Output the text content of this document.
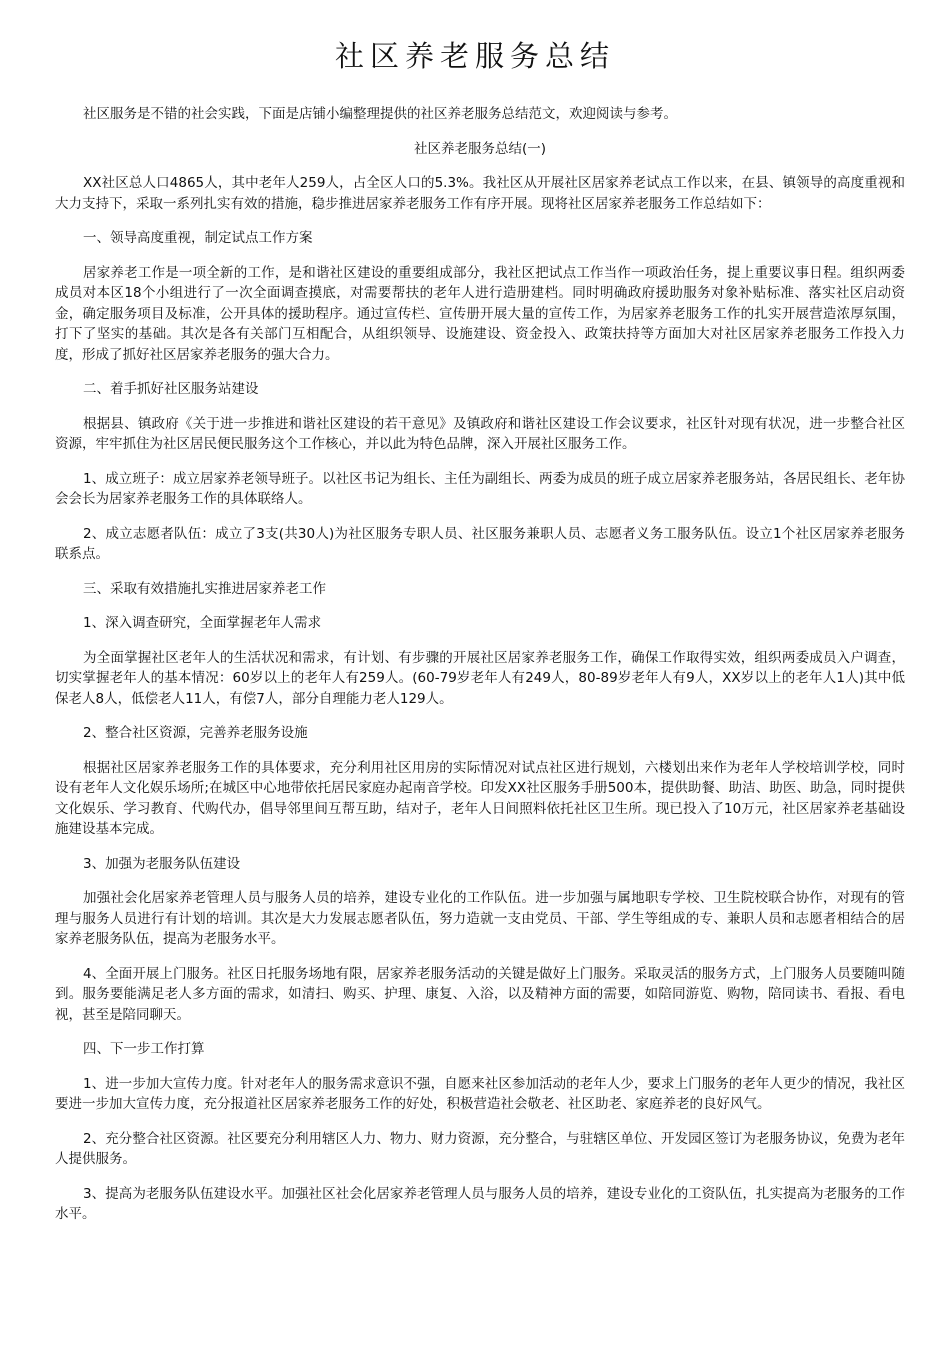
社区养老服务总结

社区服务是不错的社会实践，下面是店铺小编整理提供的社区养老服务总结范文，欢迎阅读与参考。

社区养老服务总结(一)

XX社区总人口4865人，其中老年人259人，占全区人口的5.3%。我社区从开展社区居家养老试点工作以来，在县、镇领导的高度重视和大力支持下，采取一系列扎实有效的措施，稳步推进居家养老服务工作有序开展。现将社区居家养老服务工作总结如下：

一、领导高度重视，制定试点工作方案

居家养老工作是一项全新的工作，是和谐社区建设的重要组成部分，我社区把试点工作当作一项政治任务，提上重要议事日程。组织两委成员对本区18个小组进行了一次全面调查摸底，对需要帮扶的老年人进行造册建档。同时明确政府援助服务对象补贴标准、落实社区启动资金，确定服务项目及标准，公开具体的援助程序。通过宣传栏、宣传册开展大量的宣传工作，为居家养老服务工作的扎实开展营造浓厚氛围，打下了坚实的基础。其次是各有关部门互相配合，从组织领导、设施建设、资金投入、政策扶持等方面加大对社区居家养老服务工作投入力度，形成了抓好社区居家养老服务的强大合力。

二、着手抓好社区服务站建设

根据县、镇政府《关于进一步推进和谐社区建设的若干意见》及镇政府和谐社区建设工作会议要求，社区针对现有状况，进一步整合社区资源，牢牢抓住为社区居民便民服务这个工作核心，并以此为特色品牌，深入开展社区服务工作。

1、成立班子：成立居家养老领导班子。以社区书记为组长、主任为副组长、两委为成员的班子成立居家养老服务站，各居民组长、老年协会会长为居家养老服务工作的具体联络人。

2、成立志愿者队伍：成立了3支(共30人)为社区服务专职人员、社区服务兼职人员、志愿者义务工服务队伍。设立1个社区居家养老服务联系点。

三、采取有效措施扎实推进居家养老工作

1、深入调查研究，全面掌握老年人需求

为全面掌握社区老年人的生活状况和需求，有计划、有步骤的开展社区居家养老服务工作，确保工作取得实效，组织两委成员入户调查，切实掌握老年人的基本情况：60岁以上的老年人有259人。(60-79岁老年人有249人，80-89岁老年人有9人，XX岁以上的老年人1人)其中低保老人8人，低偿老人11人，有偿7人，部分自理能力老人129人。

2、整合社区资源，完善养老服务设施

根据社区居家养老服务工作的具体要求，充分利用社区用房的实际情况对试点社区进行规划，六楼划出来作为老年人学校培训学校，同时设有老年人文化娱乐场所;在城区中心地带依托居民家庭办起南音学校。印发XX社区服务手册500本，提供助餐、助洁、助医、助急，同时提供文化娱乐、学习教育、代购代办，倡导邻里间互帮互助，结对子，老年人日间照料依托社区卫生所。现已投入了10万元，社区居家养老基础设施建设基本完成。

3、加强为老服务队伍建设

加强社会化居家养老管理人员与服务人员的培养，建设专业化的工作队伍。进一步加强与属地职专学校、卫生院校联合协作，对现有的管理与服务人员进行有计划的培训。其次是大力发展志愿者队伍，努力造就一支由党员、干部、学生等组成的专、兼职人员和志愿者相结合的居家养老服务队伍，提高为老服务水平。

4、全面开展上门服务。社区日托服务场地有限，居家养老服务活动的关键是做好上门服务。采取灵活的服务方式，上门服务人员要随叫随到。服务要能满足老人多方面的需求，如清扫、购买、护理、康复、入浴，以及精神方面的需要，如陪同游览、购物，陪同读书、看报、看电视，甚至是陪同聊天。

四、下一步工作打算

1、进一步加大宣传力度。针对老年人的服务需求意识不强，自愿来社区参加活动的老年人少，要求上门服务的老年人更少的情况，我社区要进一步加大宣传力度，充分报道社区居家养老服务工作的好处，积极营造社会敬老、社区助老、家庭养老的良好风气。

2、充分整合社区资源。社区要充分利用辖区人力、物力、财力资源，充分整合，与驻辖区单位、开发园区签订为老服务协议，免费为老年人提供服务。

3、提高为老服务队伍建设水平。加强社区社会化居家养老管理人员与服务人员的培养，建设专业化的工资队伍，扎实提高为老服务的工作水平。
